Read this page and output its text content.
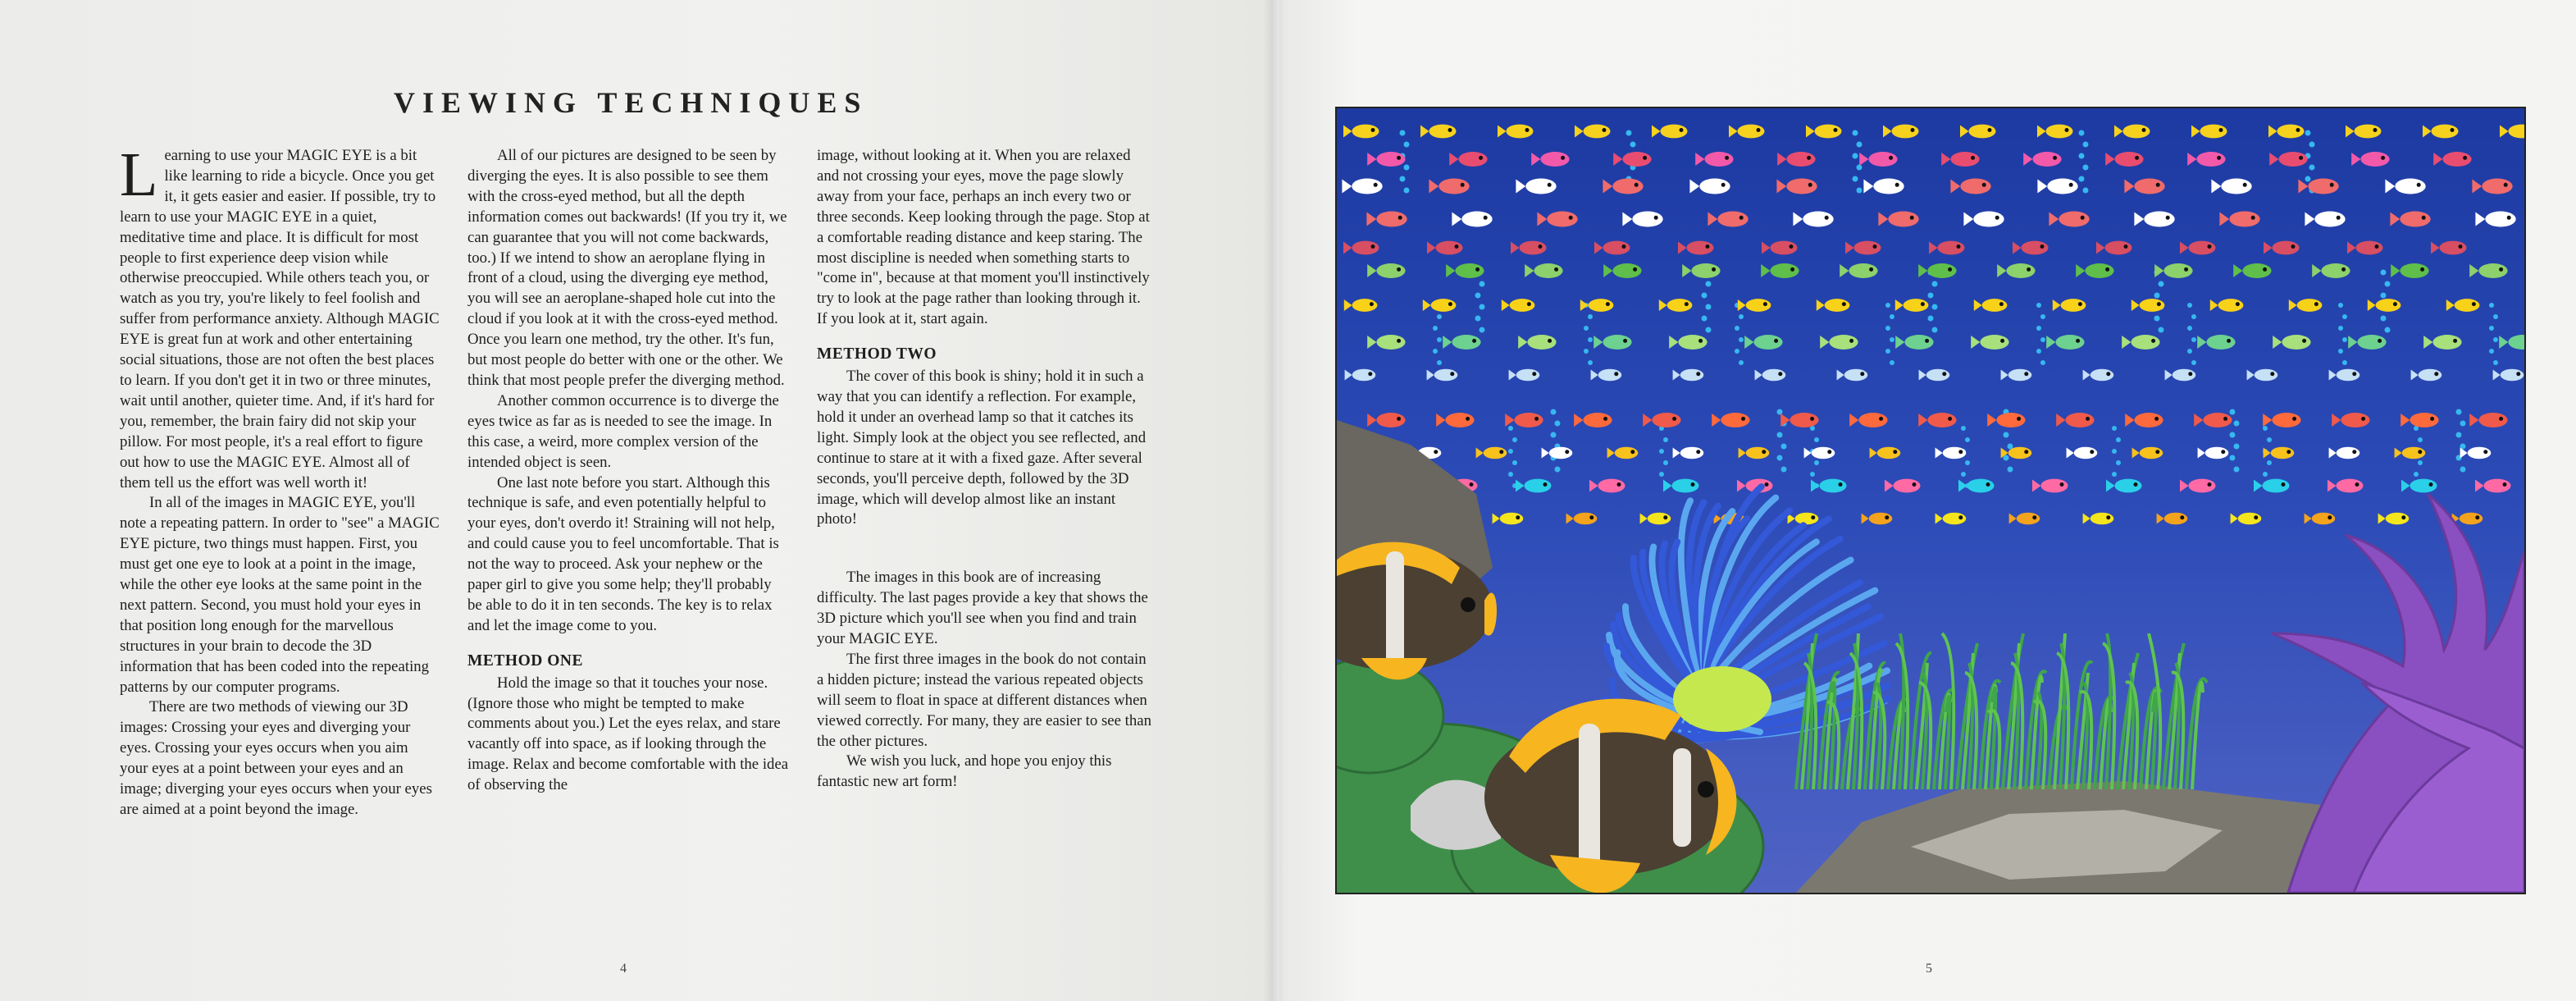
VIEWING TECHNIQUES

Learning to use your MAGIC EYE is a bit like learning to ride a bicycle. Once you get it, it gets easier and easier. If possible, try to learn to use your MAGIC EYE in a quiet, meditative time and place. It is difficult for most people to first experience deep vision while otherwise preoccupied. While others teach you, or watch as you try, you're likely to feel foolish and suffer from performance anxiety. Although MAGIC EYE is great fun at work and other entertaining social situations, those are not often the best places to learn. If you don't get it in two or three minutes, wait until another, quieter time. And, if it's hard for you, remember, the brain fairy did not skip your pillow. For most people, it's a real effort to figure out how to use the MAGIC EYE. Almost all of them tell us the effort was well worth it!

In all of the images in MAGIC EYE, you'll note a repeating pattern. In order to "see" a MAGIC EYE picture, two things must happen. First, you must get one eye to look at a point in the image, while the other eye looks at the same point in the next pattern. Second, you must hold your eyes in that position long enough for the marvellous structures in your brain to decode the 3D information that has been coded into the repeating patterns by our computer programs.

There are two methods of viewing our 3D images: Crossing your eyes and diverging your eyes. Crossing your eyes occurs when you aim your eyes at a point between your eyes and an image; diverging your eyes occurs when your eyes are aimed at a point beyond the image.

All of our pictures are designed to be seen by diverging the eyes. It is also possible to see them with the cross-eyed method, but all the depth information comes out backwards! (If you try it, we can guarantee that you will not come backwards, too.) If we intend to show an aeroplane flying in front of a cloud, using the diverging eye method, you will see an aeroplane-shaped hole cut into the cloud if you look at it with the cross-eyed method. Once you learn one method, try the other. It's fun, but most people do better with one or the other. We think that most people prefer the diverging method.

Another common occurrence is to diverge the eyes twice as far as is needed to see the image. In this case, a weird, more complex version of the intended object is seen.

One last note before you start. Although this technique is safe, and even potentially helpful to your eyes, don't overdo it! Straining will not help, and could cause you to feel uncomfortable. That is not the way to proceed. Ask your nephew or the paper girl to give you some help; they'll probably be able to do it in ten seconds. The key is to relax and let the image come to you.

METHOD ONE

Hold the image so that it touches your nose. (Ignore those who might be tempted to make comments about you.) Let the eyes relax, and stare vacantly off into space, as if looking through the image. Relax and become comfortable with the idea of observing the

image, without looking at it. When you are relaxed and not crossing your eyes, move the page slowly away from your face, perhaps an inch every two or three seconds. Keep looking through the page. Stop at a comfortable reading distance and keep staring. The most discipline is needed when something starts to "come in", because at that moment you'll instinctively try to look at the page rather than looking through it. If you look at it, start again.

METHOD TWO

The cover of this book is shiny; hold it in such a way that you can identify a reflection. For example, hold it under an overhead lamp so that it catches its light. Simply look at the object you see reflected, and continue to stare at it with a fixed gaze. After several seconds, you'll perceive depth, followed by the 3D image, which will develop almost like an instant photo!

The images in this book are of increasing difficulty. The last pages provide a key that shows the 3D picture which you'll see when you find and train your MAGIC EYE.

The first three images in the book do not contain a hidden picture; instead the various repeated objects will seem to float in space at different distances when viewed correctly. For many, they are easier to see than the other pictures.

We wish you luck, and hope you enjoy this fantastic new art form!

4	5
